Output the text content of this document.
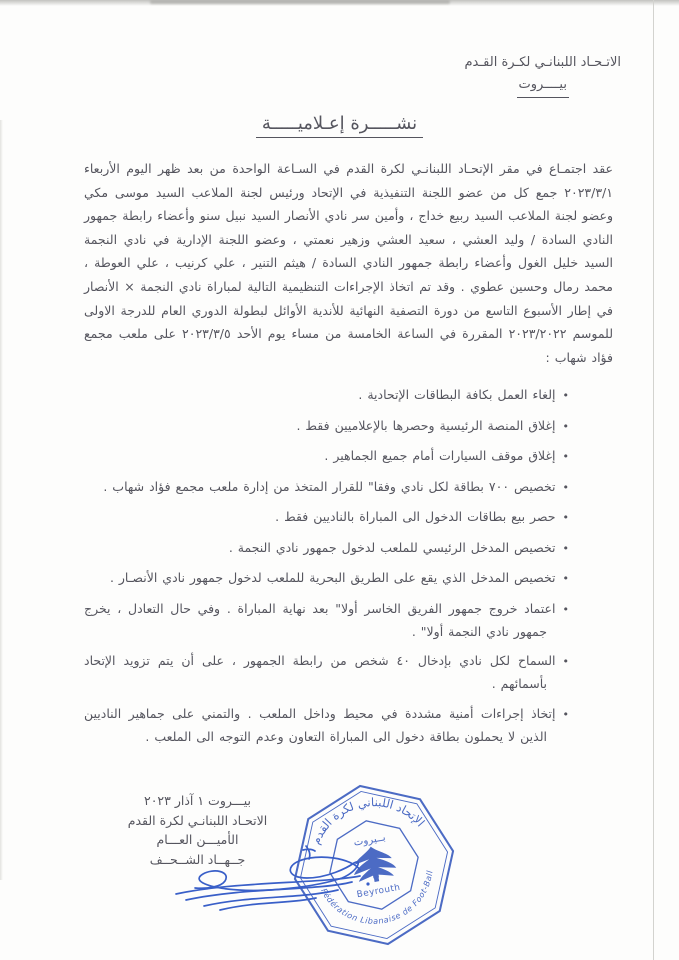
الاتـحـاد اللبنانـي لكـرة القـدم
بيــــروت
نشـــــرة إعـلاميـــــة

عقد اجتمـاع في مقر الإتحـاد اللبنانـي لكرة القدم في السـاعة الواحدة من بعد ظهر اليوم الأربعاء ٢٠٢٣/٣/١ جمع كل من عضو اللجنة التنفيذية في الإتحاد ورئيس لجنة الملاعب السيد موسى مكي وعضو لجنة الملاعب السيد ربيع خداج ، وأمين سر نادي الأنصار السيد نبيل سنو وأعضاء رابطة جمهور النادي السادة / وليد العشي ، سعيد العشي وزهير نعمتي ، وعضو اللجنة الإدارية في نادي النجمة السيد خليل الغول وأعضاء رابطة جمهور النادي السادة / هيثم التنير ، علي كرنيب ، علي العوطة ، محمد رمال وحسين عطوي . وقد تم اتخاذ الإجراءات التنظيمية التالية لمباراة نادي النجمة × الأنصار في إطار الأسبوع التاسع من دورة التصفية النهائية للأندية الأوائل لبطولة الدوري العام للدرجة الاولى للموسم ٢٠٢٣/٢٠٢٢ المقررة في الساعة الخامسة من مساء يوم الأحد ٢٠٢٣/٣/٥ على ملعب مجمع فؤاد شهاب :

• إلغاء العمل بكافة البطاقات الإتحادية .
• إغلاق المنصة الرئيسية وحصرها بالإعلاميين فقط .
• إغلاق موقف السيارات أمام جميع الجماهير .
• تخصيص ٧٠٠ بطاقة لكل نادي وفقا" للقرار المتخذ من إدارة ملعب مجمع فؤاد شهاب .
• حصر بيع بطاقات الدخول الى المباراة بالناديين فقط .
• تخصيص المدخل الرئيسي للملعب لدخول جمهور نادي النجمة .
• تخصيص المدخل الذي يقع على الطريق البحرية للملعب لدخول جمهور نادي الأنصـار .
• اعتماد خروج جمهور الفريق الخاسر أولا" بعد نهاية المباراة . وفي حال التعادل ، يخرج جمهور نادي النجمة أولا" .
• السماح لكل نادي بإدخال ٤٠ شخص من رابطة الجمهور ، على أن يتم تزويد الإتحاد بأسمائهم .
• إتخاذ إجراءات أمنية مشددة في محيط وداخل الملعب . والتمني على جماهير الناديين الذين لا يحملون بطاقة دخول الى المباراة التعاون وعدم التوجه الى الملعب .
بيـــروت ١ آذار ٢٠٢٣
الاتحـاد اللبنانـي لكرة القدم
الأميـــن العـــام
جــهــاد الشــحــف
الإتحاد اللبناني لكرة القدم
Fédération Libanaise de Foot-Ball
بــيروت
Beyrouth
